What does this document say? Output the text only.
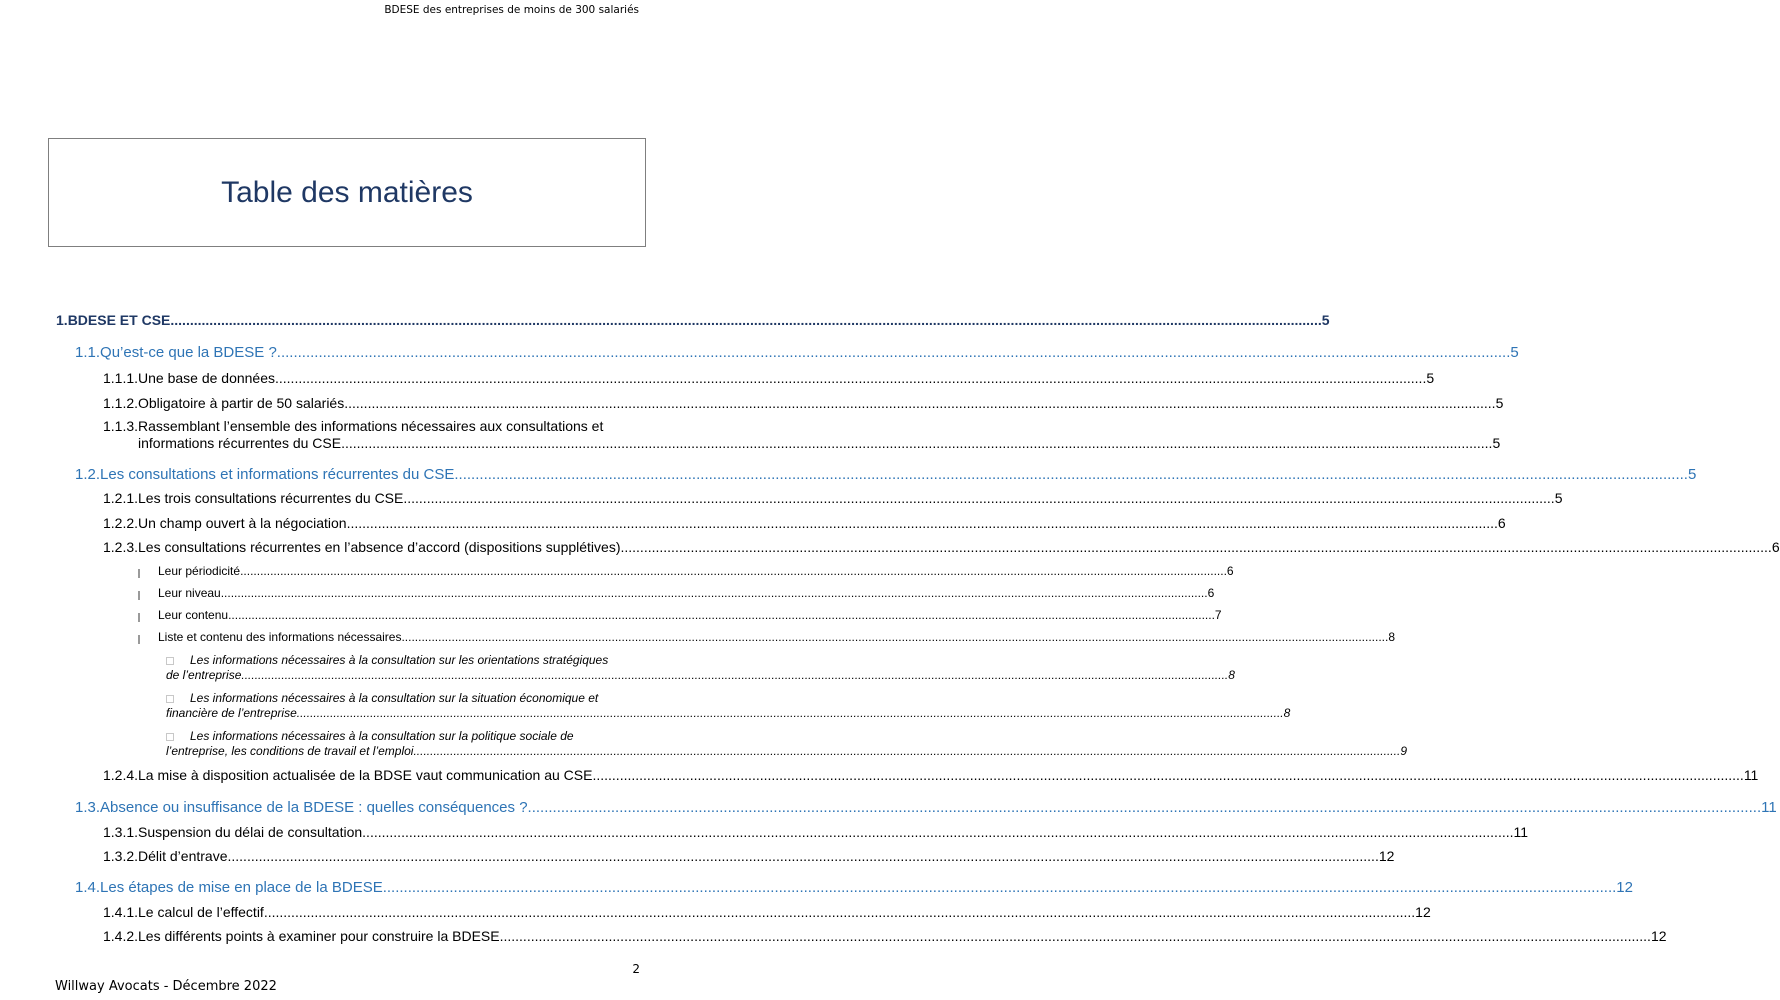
BDESE des entreprises de moins de 300 salariés
Table des matières
1. BDESE ET CSE .....	5
1.1. Qu’est-ce que la BDESE ? .....	5
1.1.1. Une base de données .....	5
1.1.2. Obligatoire à partir de 50 salariés .....	5
1.1.3. Rassemblant l’ensemble des informations nécessaires aux consultations et
informations récurrentes du CSE .....	5
1.2. Les consultations et informations récurrentes du CSE .....	5
1.2.1. Les trois consultations récurrentes du CSE .....	5
1.2.2. Un champ ouvert à la négociation .....	6
1.2.3. Les consultations récurrentes en l’absence d’accord (dispositions supplétives) .....	6
Leur périodicité .....	6
Leur niveau .....	6
Leur contenu .....	7
Liste et contenu des informations nécessaires .....	8
Les informations nécessaires à la consultation sur les orientations stratégiques
de l’entreprise .....	8
Les informations nécessaires à la consultation sur la situation économique et
financière de l’entreprise .....	8
Les informations nécessaires à la consultation sur la politique sociale de
l’entreprise, les conditions de travail et l’emploi .....	9
1.2.4. La mise à disposition actualisée de la BDSE vaut communication au CSE .....	11
1.3. Absence ou insuffisance de la BDESE : quelles conséquences ? .....	11
1.3.1. Suspension du délai de consultation .....	11
1.3.2. Délit d’entrave .....	12
1.4. Les étapes de mise en place de la BDESE .....	12
1.4.1. Le calcul de l’effectif .....	12
1.4.2. Les différents points à examiner pour construire la BDESE .....	12
2
Willway Avocats - Décembre 2022
